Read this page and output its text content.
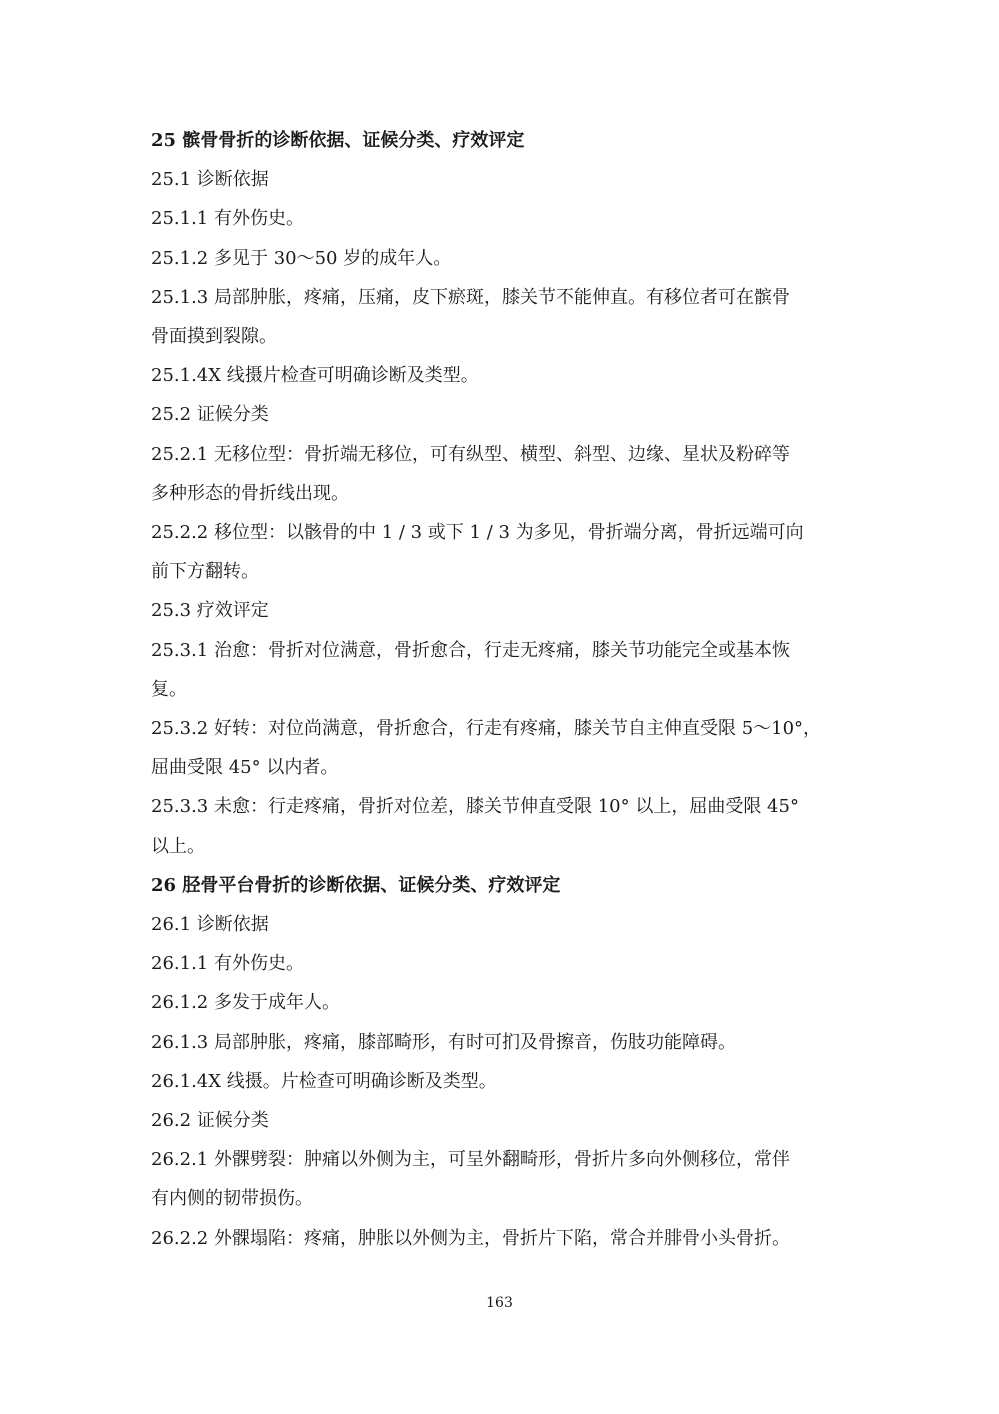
25 髌骨骨折的诊断依据、证候分类、疗效评定

25.1 诊断依据

25.1.1 有外伤史。

25.1.2 多见于 30～50 岁的成年人。

25.1.3 局部肿胀，疼痛，压痛，皮下瘀斑，膝关节不能伸直。有移位者可在髌骨

骨面摸到裂隙。

25.1.4X 线摄片检查可明确诊断及类型。

25.2 证候分类

25.2.1 无移位型：骨折端无移位，可有纵型、横型、斜型、边缘、星状及粉碎等

多种形态的骨折线出现。

25.2.2 移位型：以骸骨的中 1 / 3 或下 1 / 3 为多见，骨折端分离，骨折远端可向

前下方翻转。

25.3 疗效评定

25.3.1 治愈：骨折对位满意，骨折愈合，行走无疼痛，膝关节功能完全或基本恢

复。

25.3.2 好转：对位尚满意，骨折愈合，行走有疼痛，膝关节自主伸直受限 5～10°，

屈曲受限 45° 以内者。

25.3.3 未愈：行走疼痛，骨折对位差，膝关节伸直受限 10° 以上，屈曲受限 45°

以上。

26 胫骨平台骨折的诊断依据、证候分类、疗效评定

26.1 诊断依据

26.1.1 有外伤史。

26.1.2 多发于成年人。

26.1.3 局部肿胀，疼痛，膝部畸形，有时可扪及骨擦音，伤肢功能障碍。

26.1.4X 线摄。片检查可明确诊断及类型。

26.2 证候分类

26.2.1 外髁劈裂：肿痛以外侧为主，可呈外翻畸形，骨折片多向外侧移位，常伴

有内侧的韧带损伤。

26.2.2 外髁塌陷：疼痛，肿胀以外侧为主，骨折片下陷，常合并腓骨小头骨折。

163
